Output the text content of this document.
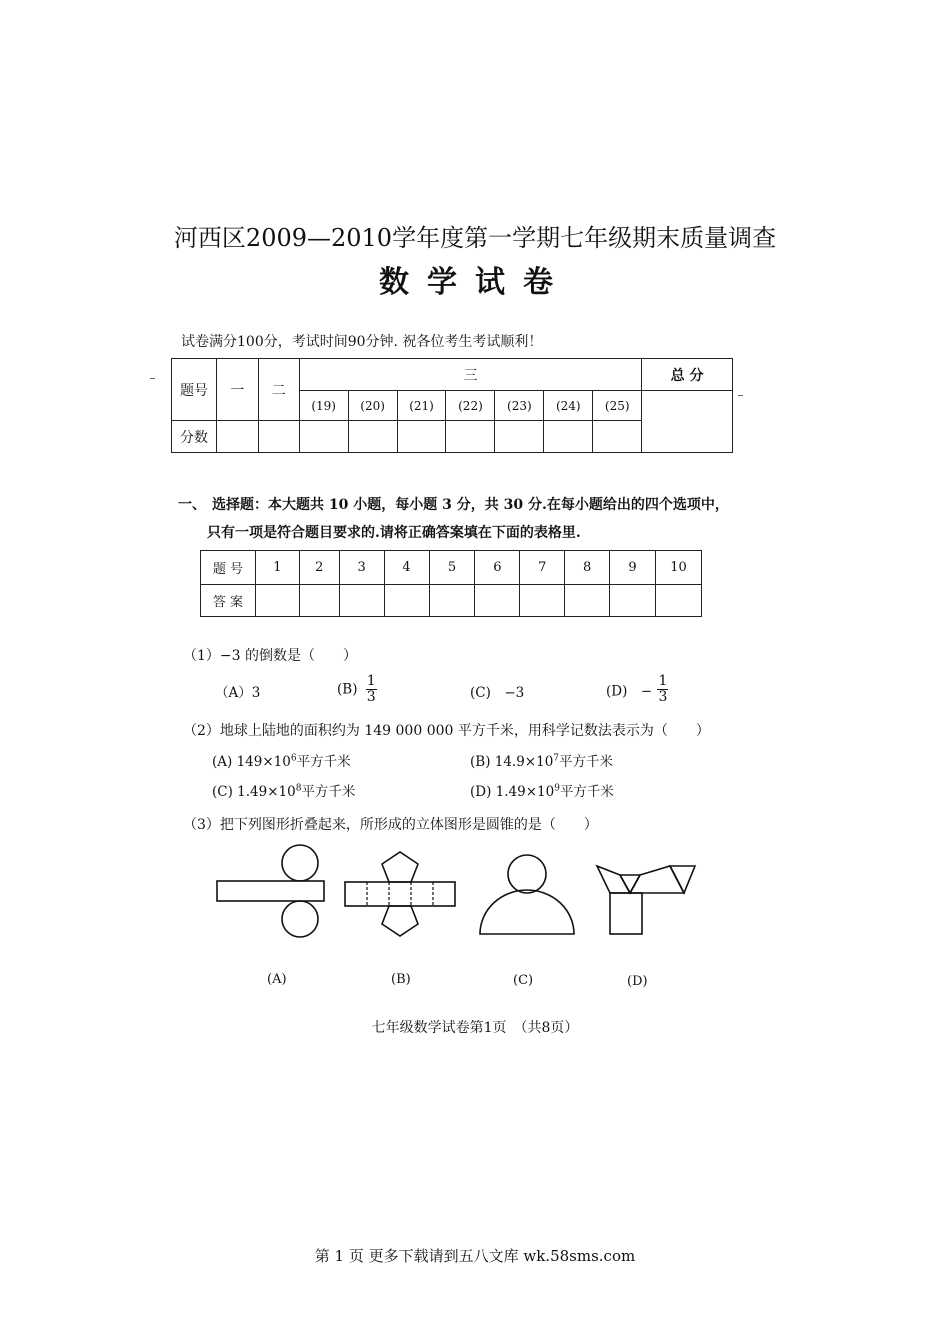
河西区2009—2010学年度第一学期七年级期末质量调查
数学试卷
试卷满分100分，考试时间90分钟. 祝各位考生考试顺利！
题号	一	二	三							总 分
			(19)	(20)	(21)	(22)	(23)	(24)	(25)	
分数										
一、 选择题：本大题共 10 小题，每小题 3 分，共 30 分.在每小题给出的四个选项中，
只有一项是符合题目要求的.请将正确答案填在下面的表格里.
题 号	1	2	3	4	5	6	7	8	9	10
答 案										
（1）−3 的倒数是（　　）
（A）3	$(B) \frac{1}{3}$	(C)　−3	(D)　− $\frac{1}{3}$
（2）地球上陆地的面积约为 149 000 000 平方千米，用科学记数法表示为（　　）
(A) $149\times 10^6$平方千米	(B) $14.9\times 10^7$平方千米
(C) $1.49\times 10^8$平方千米	(D) $1.49\times 10^9$平方千米
（3）把下列图形折叠起来，所形成的立体图形是圆锥的是（　　）
(A)	(B)	(C)	(D)
七年级数学试卷第1页　（共8页）
第 1 页 更多下载请到五八文库 wk.58sms.com
